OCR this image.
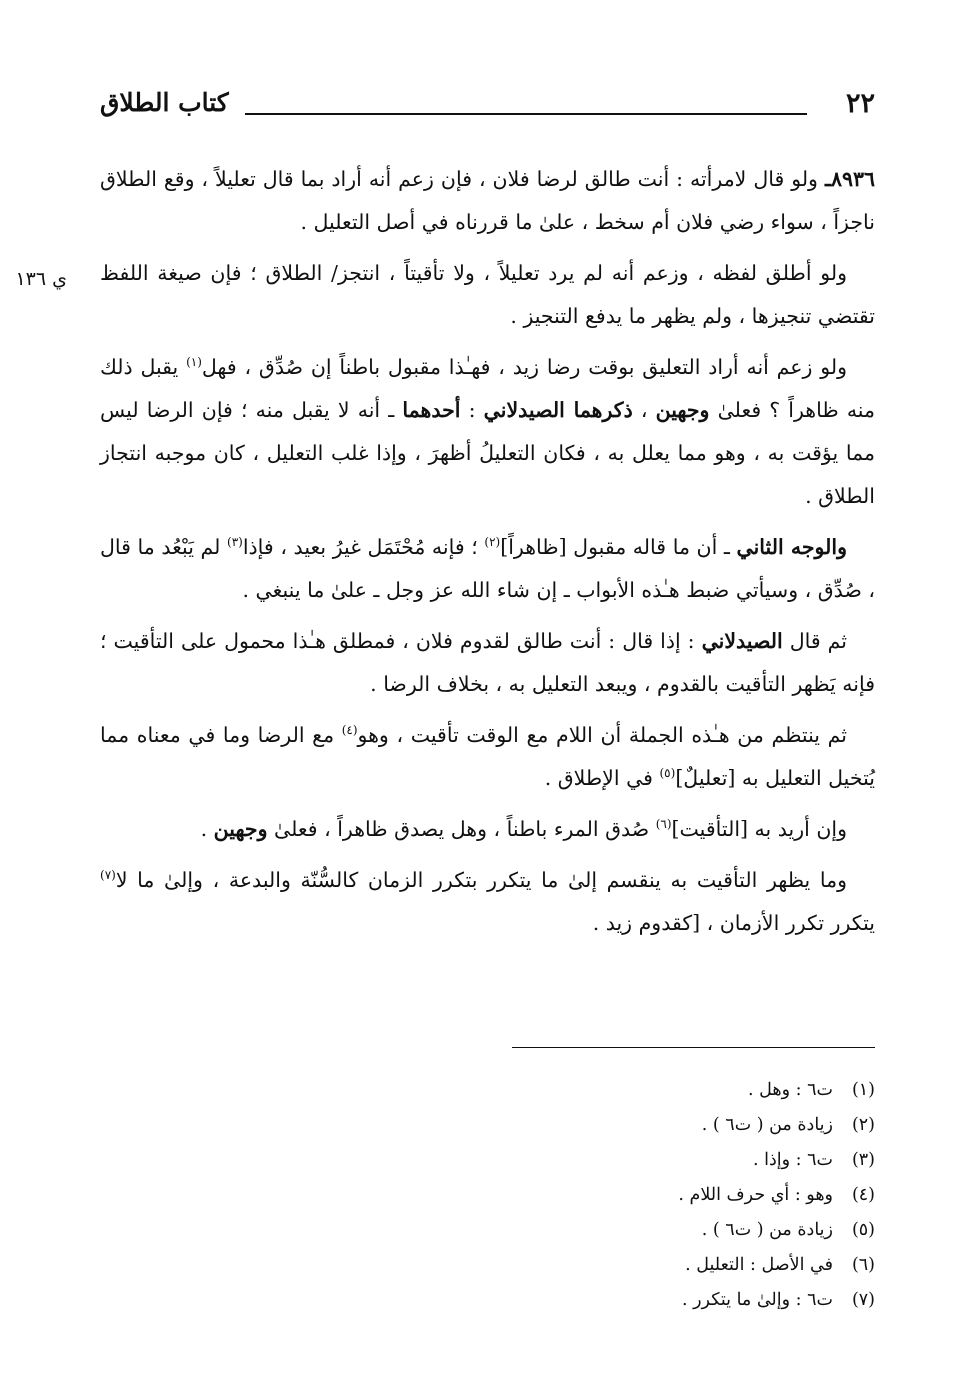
٢٢
كتاب الطلاق
ي ١٣٦

٨٩٣٦ـ ولو قال لامرأته : أنت طالق لرضا فلان ، فإن زعم أنه أراد بما قال تعليلاً ، وقع الطلاق ناجزاً ، سواء رضي فلان أم سخط ، علىٰ ما قررناه في أصل التعليل .

ولو أطلق لفظه ، وزعم أنه لم يرد تعليلاً ، ولا تأقيتاً ، انتجز/ الطلاق ؛ فإن صيغة اللفظ تقتضي تنجيزها ، ولم يظهر ما يدفع التنجيز .

ولو زعم أنه أراد التعليق بوقت رضا زيد ، فهـٰذا مقبول باطناً إن صُدِّق ، فهل$^{(١)}$ يقبل ذلك منه ظاهراً ؟ فعلىٰ وجهين ، ذكرهما الصيدلاني : أحدهما ـ أنه لا يقبل منه ؛ فإن الرضا ليس مما يؤقت به ، وهو مما يعلل به ، فكان التعليلُ أظهرَ ، وإذا غلب التعليل ، كان موجبه انتجاز الطلاق .

والوجه الثاني ـ أن ما قاله مقبول [ظاهراً]$^{(٢)}$ ؛ فإنه مُحْتَمَل غيرُ بعيد ، فإذا$^{(٣)}$ لم يَبْعُد ما قال ، صُدِّق ، وسيأتي ضبط هـٰذه الأبواب ـ إن شاء الله عز وجل ـ علىٰ ما ينبغي .

ثم قال الصيدلاني : إذا قال : أنت طالق لقدوم فلان ، فمطلق هـٰذا محمول على التأقيت ؛ فإنه يَظهر التأقيت بالقدوم ، ويبعد التعليل به ، بخلاف الرضا .

ثم ينتظم من هـٰذه الجملة أن اللام مع الوقت تأقيت ، وهو$^{(٤)}$ مع الرضا وما في معناه مما يُتخيل التعليل به [تعليلٌ]$^{(٥)}$ في الإطلاق .

وإن أريد به [التأقيت]$^{(٦)}$ صُدق المرء باطناً ، وهل يصدق ظاهراً ، فعلىٰ وجهين .

وما يظهر التأقيت به ينقسم إلىٰ ما يتكرر بتكرر الزمان كالسُّنّة والبدعة ، وإلىٰ ما لا$^{(٧)}$ يتكرر تكرر الأزمان ، [كقدوم زيد .

(١)ت٦ : وهل .
(٢)زيادة من ( ت٦ ) .
(٣)ت٦ : وإذا .
(٤)وهو : أي حرف اللام .
(٥)زيادة من ( ت٦ ) .
(٦)في الأصل : التعليل .
(٧)ت٦ : وإلىٰ ما يتكرر .
